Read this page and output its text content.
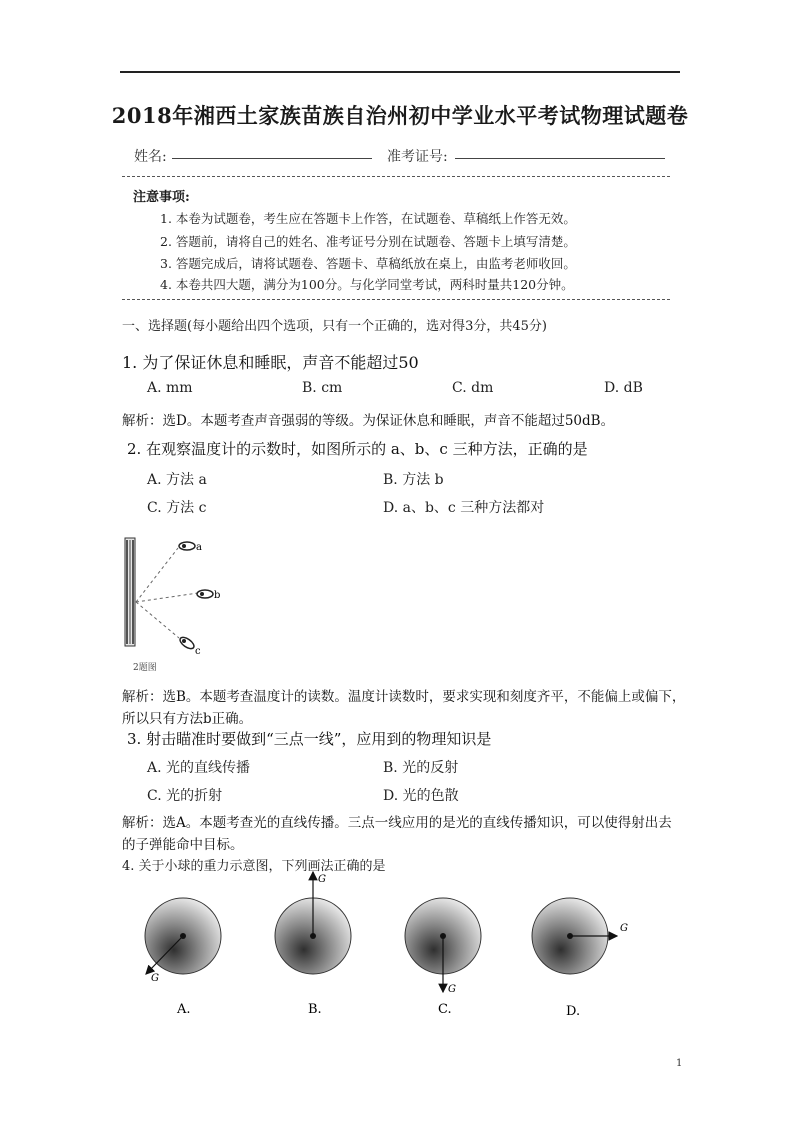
2018年湘西土家族苗族自治州初中学业水平考试物理试题卷
姓名:	准考证号:
注意事项:
1. 本卷为试题卷，考生应在答题卡上作答，在试题卷、草稿纸上作答无效。
2. 答题前，请将自己的姓名、准考证号分别在试题卷、答题卡上填写清楚。
3. 答题完成后，请将试题卷、答题卡、草稿纸放在桌上，由监考老师收回。
4. 本卷共四大题，满分为100分。与化学同堂考试，两科时量共120分钟。
一、选择题(每小题给出四个选项，只有一个正确的，选对得3分，共45分)
1. 为了保证休息和睡眠，声音不能超过50
A. mm	B. cm	C. dm	D. dB
解析：选D。本题考查声音强弱的等级。为保证休息和睡眠，声音不能超过50dB。
2. 在观察温度计的示数时，如图所示的 a、b、c 三种方法，正确的是
A. 方法 a	B. 方法 b
C. 方法 c	D. a、b、c 三种方法都对
a
b
c
2题图
解析：选B。本题考查温度计的读数。温度计读数时，要求实现和刻度齐平，不能偏上或偏下，
所以只有方法b正确。
3. 射击瞄准时要做到“三点一线”，应用到的物理知识是
A. 光的直线传播	B. 光的反射
C. 光的折射	D. 光的色散
解析：选A。本题考查光的直线传播。三点一线应用的是光的直线传播知识，可以使得射出去
的子弹能命中目标。
4. 关于小球的重力示意图，下列画法正确的是
G
G
G
G
A.	B.	C.	D.
1
